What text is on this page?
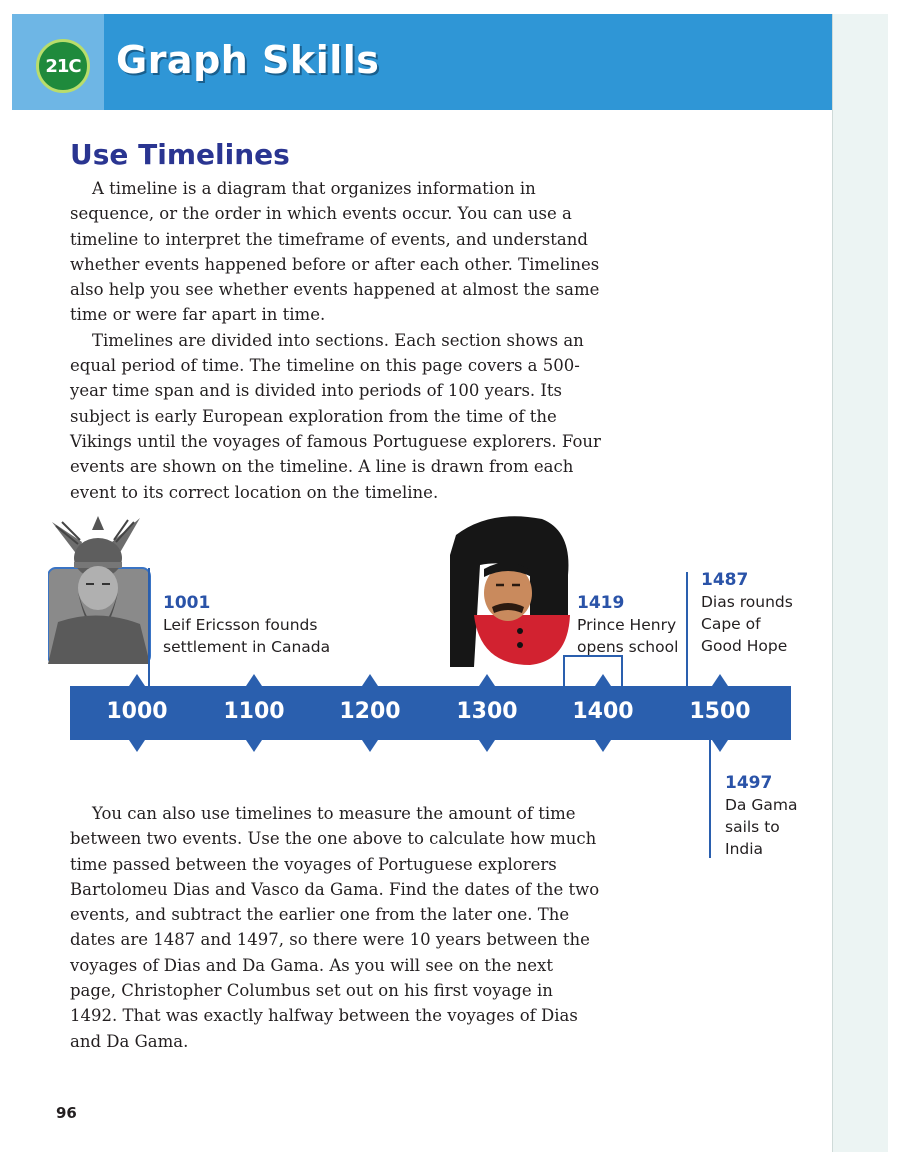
21C Graph Skills
Use Timelines

A timeline is a diagram that organizes information in sequence, or the order in which events occur. You can use a timeline to interpret the timeframe of events, and understand whether events happened before or after each other. Timelines also help you see whether events happened at almost the same time or were far apart in time.

Timelines are divided into sections. Each section shows an equal period of time. The timeline on this page covers a 500-year time span and is divided into periods of 100 years. Its subject is early European exploration from the time of the Vikings until the voyages of famous Portuguese explorers. Four events are shown on the timeline. A line is drawn from each event to its correct location on the timeline.

1001
Leif Ericsson founds
settlement in Canada
1419
Prince Henry
opens school
1487
Dias rounds
Cape of
Good Hope
1497
Da Gama
sails to
India
1000	1100	1200	1300	1400	1500

You can also use timelines to measure the amount of time between two events. Use the one above to calculate how much time passed between the voyages of Portuguese explorers Bartolomeu Dias and Vasco da Gama. Find the dates of the two events, and subtract the earlier one from the later one. The dates are 1487 and 1497, so there were 10 years between the voyages of Dias and Da Gama. As you will see on the next page, Christopher Columbus set out on his first voyage in 1492. That was exactly halfway between the voyages of Dias and Da Gama.

96
